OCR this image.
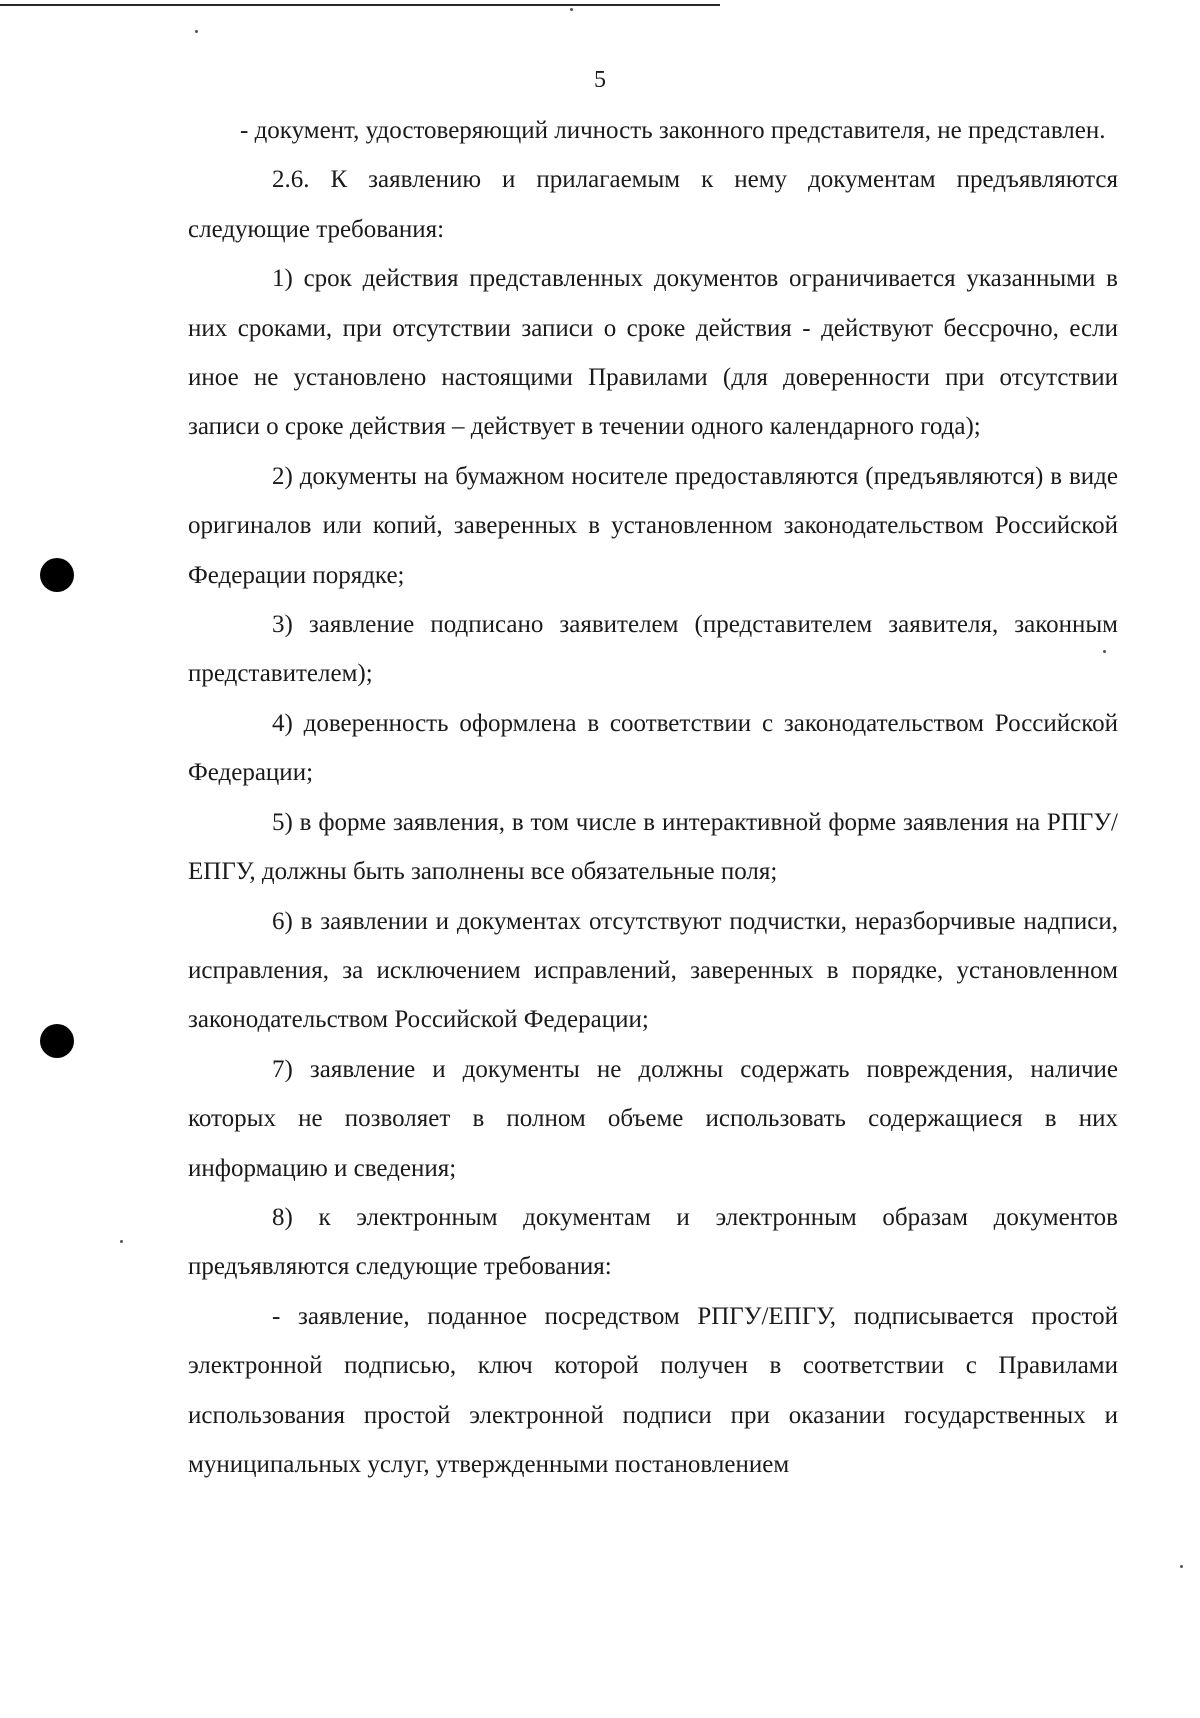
5

- документ, удостоверяющий личность законного представителя, не представлен.

2.6. К заявлению и прилагаемым к нему документам предъявляются следующие требования:

1) срок действия представленных документов ограничивается указанными в них сроками, при отсутствии записи о сроке действия - действуют бессрочно, если иное не установлено настоящими Правилами (для доверенности при отсутствии записи о сроке действия – действует в течении одного календарного года);

2) документы на бумажном носителе предоставляются (предъявляются) в виде оригиналов или копий, заверенных в установленном законодательством Российской Федерации порядке;

3) заявление подписано заявителем (представителем заявителя, законным представителем);

4) доверенность оформлена в соответствии с законодательством Российской Федерации;

5) в форме заявления, в том числе в интерактивной форме заявления на РПГУ/ЕПГУ, должны быть заполнены все обязательные поля;

6) в заявлении и документах отсутствуют подчистки, неразборчивые надписи, исправления, за исключением исправлений, заверенных в порядке, установленном законодательством Российской Федерации;

7) заявление и документы не должны содержать повреждения, наличие которых не позволяет в полном объеме использовать содержащиеся в них информацию и сведения;

8) к электронным документам и электронным образам документов предъявляются следующие требования:

- заявление, поданное посредством РПГУ/ЕПГУ, подписывается простой электронной подписью, ключ которой получен в соответствии с Правилами использования простой электронной подписи при оказании государственных и муниципальных услуг, утвержденными постановлением
